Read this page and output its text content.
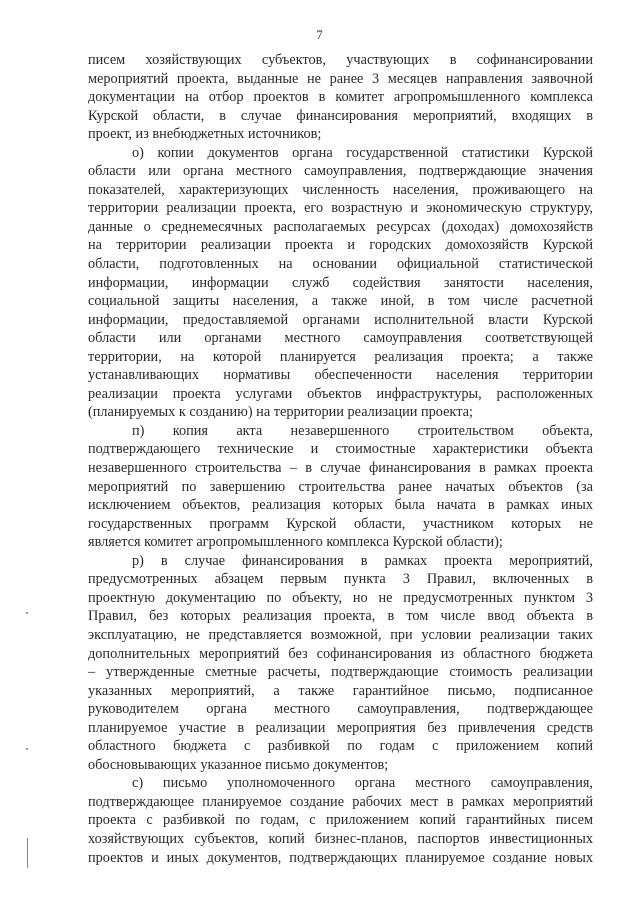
7
писем хозяйствующих субъектов, участвующих в софинансировании
мероприятий проекта, выданные не ранее 3 месяцев направления заявочной
документации на отбор проектов в комитет агропромышленного комплекса
Курской области, в случае финансирования мероприятий, входящих в
проект, из внебюджетных источников;
о) копии документов органа государственной статистики Курской
области или органа местного самоуправления, подтверждающие значения
показателей, характеризующих численность населения, проживающего на
территории реализации проекта, его возрастную и экономическую структуру,
данные о среднемесячных располагаемых ресурсах (доходах) домохозяйств
на территории реализации проекта и городских домохозяйств Курской
области, подготовленных на основании официальной статистической
информации, информации служб содействия занятости населения,
социальной защиты населения, а также иной, в том числе расчетной
информации, предоставляемой органами исполнительной власти Курской
области или органами местного самоуправления соответствующей
территории, на которой планируется реализация проекта; а также
устанавливающих нормативы обеспеченности населения территории
реализации проекта услугами объектов инфраструктуры, расположенных
(планируемых к созданию) на территории реализации проекта;
п) копия акта незавершенного строительством объекта,
подтверждающего технические и стоимостные характеристики объекта
незавершенного строительства – в случае финансирования в рамках проекта
мероприятий по завершению строительства ранее начатых объектов (за
исключением объектов, реализация которых была начата в рамках иных
государственных программ Курской области, участником которых не
является комитет агропромышленного комплекса Курской области);
р) в случае финансирования в рамках проекта мероприятий,
предусмотренных абзацем первым пункта 3 Правил, включенных в
проектную документацию по объекту, но не предусмотренных пунктом 3
Правил, без которых реализация проекта, в том числе ввод объекта в
эксплуатацию, не представляется возможной, при условии реализации таких
дополнительных мероприятий без софинансирования из областного бюджета
– утвержденные сметные расчеты, подтверждающие стоимость реализации
указанных мероприятий, а также гарантийное письмо, подписанное
руководителем органа местного самоуправления, подтверждающее
планируемое участие в реализации мероприятия без привлечения средств
областного бюджета с разбивкой по годам с приложением копий
обосновывающих указанное письмо документов;
с) письмо уполномоченного органа местного самоуправления,
подтверждающее планируемое создание рабочих мест в рамках мероприятий
проекта с разбивкой по годам, с приложением копий гарантийных писем
хозяйствующих субъектов, копий бизнес-планов, паспортов инвестиционных
проектов и иных документов, подтверждающих планируемое создание новых
